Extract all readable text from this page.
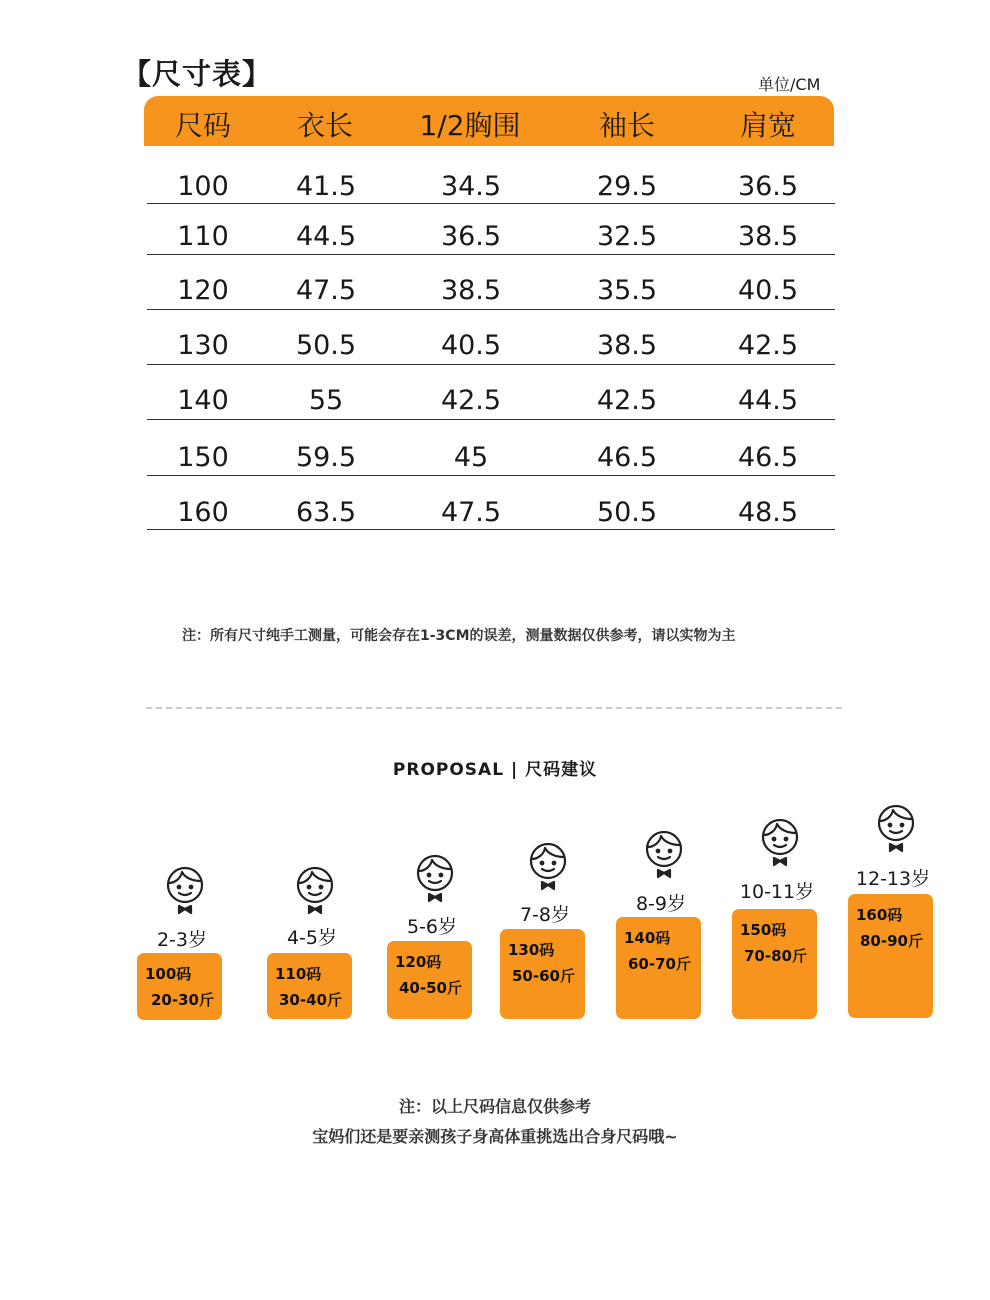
【尺寸表】	单位/CM
尺码 衣长 1/2胸围	袖长	肩宽
100 41.5	34.5	29.5	36.5
110 44.5	36.5	32.5	38.5
120 47.5	38.5	35.5	40.5
130 50.5	40.5	38.5	42.5
140	55	42.5	42.5	44.5
150 59.5	45	46.5	46.5
160 63.5	47.5	50.5	48.5
注：所有尺寸纯手工测量，可能会存在1-3CM的误差，测量数据仅供参考，请以实物为主
PROPOSAL | 尺码建议
2-3岁
100码
20-30斤
4-5岁
110码
30-40斤
5-6岁
120码
40-50斤
7-8岁
130码
50-60斤
8-9岁
140码
60-70斤
10-11岁
150码
70-80斤
12-13岁
160码
80-90斤
注：以上尺码信息仅供参考
宝妈们还是要亲测孩子身高体重挑选出合身尺码哦~
